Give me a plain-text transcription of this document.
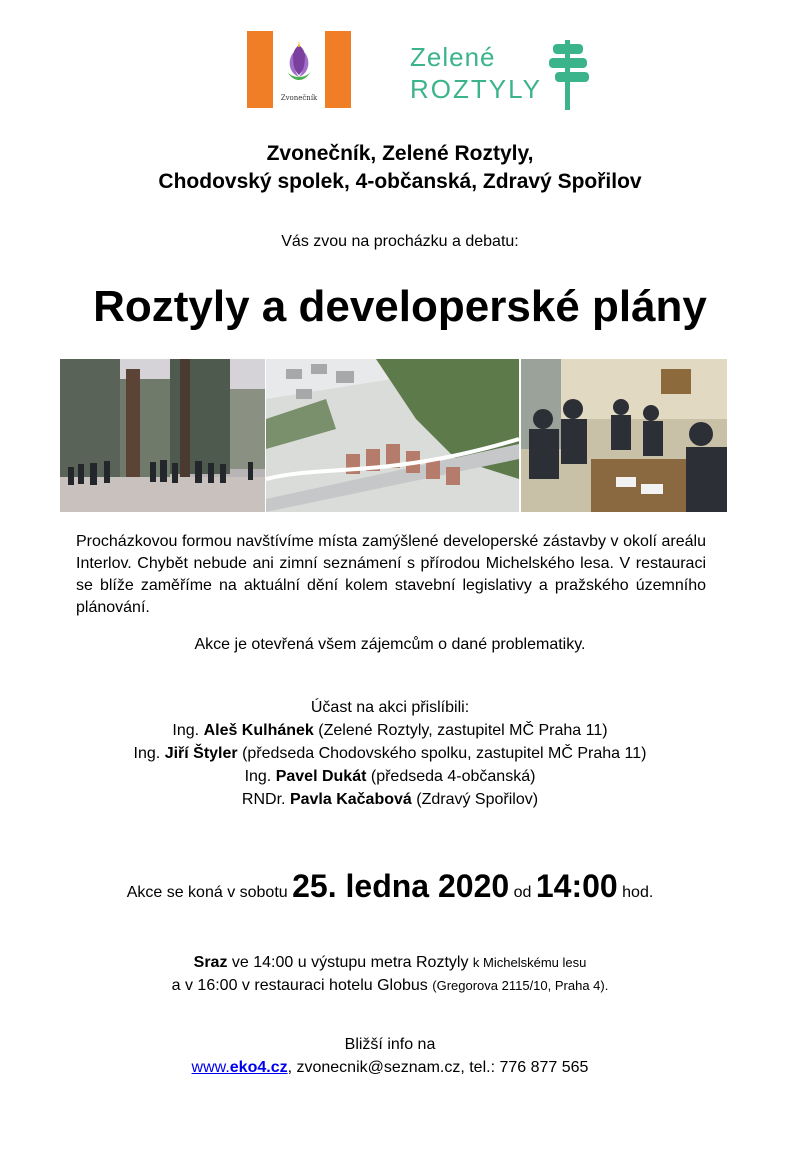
Zvonečník
Zelené
ROZTYLY
Zvonečník, Zelené Roztyly,
Chodovský spolek, 4-občanská, Zdravý Spořilov
Vás zvou na procházku a debatu:
Roztyly a developerské plány
Procházkovou formou navštívíme místa zamýšlené developerské zástavby v okolí areálu Interlov. Chybět nebude ani zimní seznámení s přírodou Michelského lesa. V restauraci se blíže zaměříme na aktuální dění kolem stavební legislativy a pražského územního plánování.
Akce je otevřená všem zájemcům o dané problematiky.
Účast na akci přislíbili:
Ing. Aleš Kulhánek (Zelené Roztyly, zastupitel MČ Praha 11)
Ing. Jiří Štyler (předseda Chodovského spolku, zastupitel MČ Praha 11)
Ing. Pavel Dukát (předseda 4-občanská)
RNDr. Pavla Kačabová (Zdravý Spořilov)
Akce se koná v sobotu 25. ledna 2020 od 14:00 hod.
Sraz ve 14:00 u výstupu metra Roztyly k Michelskému lesu
a v 16:00 v restauraci hotelu Globus (Gregorova 2115/10, Praha 4).
Bližší info na
www.eko4.cz, zvonecnik@seznam.cz, tel.: 776 877 565
